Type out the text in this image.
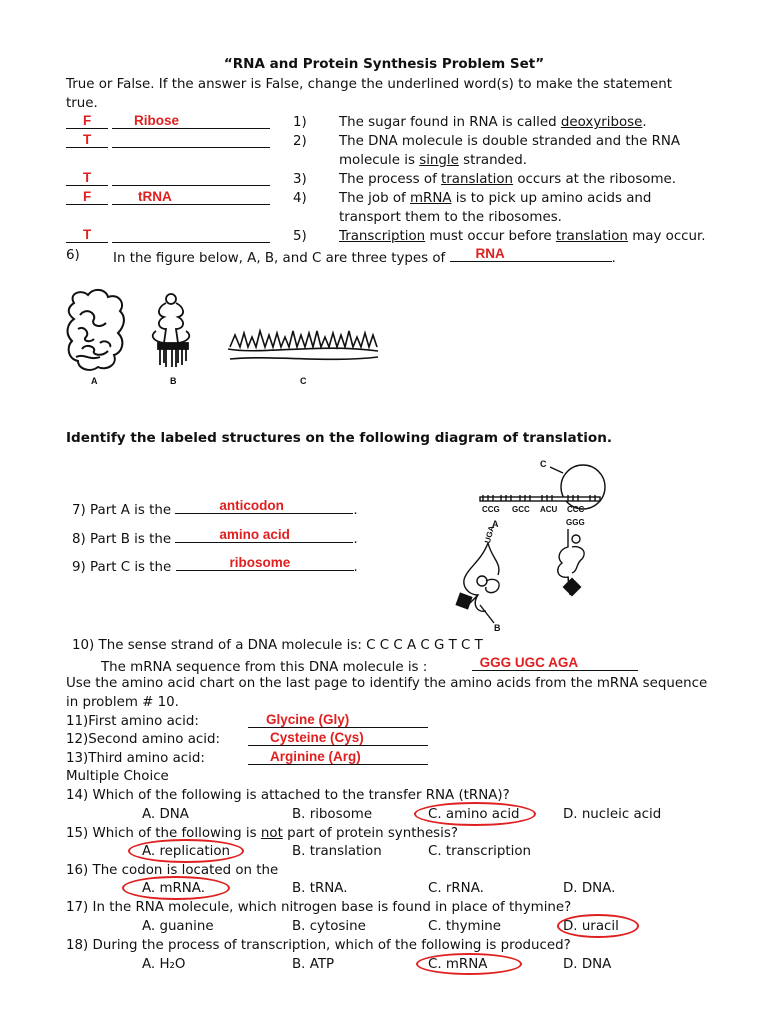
“RNA and Protein Synthesis Problem Set”
True or False. If the answer is False, change the underlined word(s) to make the statement
true.
F	Ribose	1) The sugar found in RNA is called deoxyribose.
T	2) The DNA molecule is double stranded and the RNA
molecule is single stranded.
T	3) The process of translation occurs at the ribosome.
F	tRNA	4) The job of mRNA is to pick up amino acids and
transport them to the ribosomes.
T	5) Transcription must occur before translation may occur.
6) In the figure below, A, B, and C are three types of RNA	.
A	B	C
Identify the labeled structures on the following diagram of translation.
7) Part A is the	anticodon	.
8) Part B is the	amino acid	.
9) Part C is the	ribosome	.
C
CCG GCC ACU CCC
A
UGA
GGG
B
10) The sense strand of a DNA molecule is: C C C A C G T C T
The mRNA sequence from this DNA molecule is :	GGG UGC AGA
Use the amino acid chart on the last page to identify the amino acids from the mRNA sequence
in problem # 10.
11)First amino acid:	Glycine (Gly)
12)Second amino acid:	Cysteine (Cys)
13)Third amino acid:	Arginine (Arg)
Multiple Choice
14) Which of the following is attached to the transfer RNA (tRNA)?
A. DNA	B. ribosome	C. amino acid	D. nucleic acid
15) Which of the following is not part of protein synthesis?
A. replication	B. translation	C. transcription
16) The codon is located on the
A. mRNA.	B. tRNA.	C. rRNA.	D. DNA.
17) In the RNA molecule, which nitrogen base is found in place of thymine?
A. guanine	B. cytosine	C. thymine	D. uracil
18) During the process of transcription, which of the following is produced?
A. H₂O	B. ATP	C. mRNA	D. DNA
